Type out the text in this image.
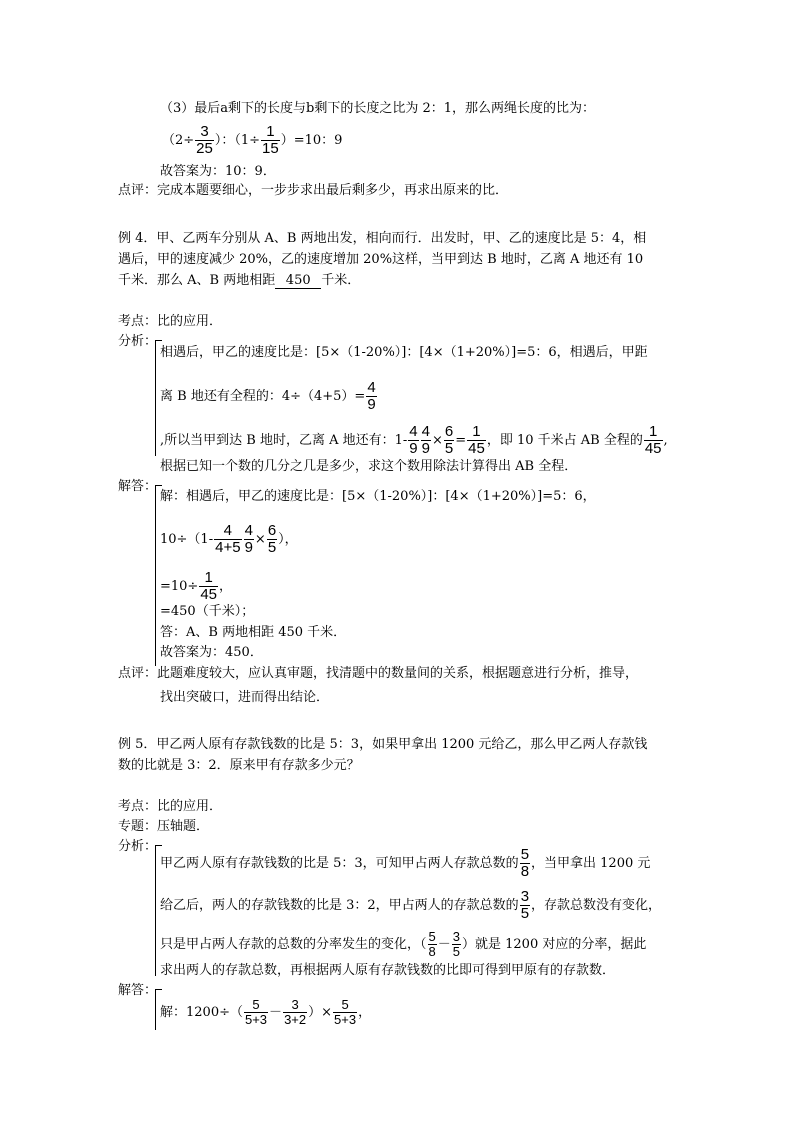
（3）最后a剩下的长度与b剩下的长度之比为 2：1，那么两绳长度的比为：
（$2\div \frac{3}{25}$ ）：$(1\div \frac{1}{15} )=10$：9
故答案为：10：9．
点评：完成本题要细心，一步步求出最后剩多少，再求出原来的比．
例 4．甲、乙两车分别从 A、B 两地出发，相向而行．出发时，甲、乙的速度比是 5：4，相
遇后，甲的速度减少 20%，乙的速度增加 20%这样，当甲到达 B 地时，乙离 A 地还有 10
千米．那么 A、B 两地相距 450 千米．
考点：比的应用．
分析：
相遇后，甲乙的速度比是：[5×（1-20%）]：[4×（1+20%）]=5：6，相遇后，甲距
离 B 地还有全程的：$4\div(4+5)= \frac{4}{9}$
,所以当甲到达 B 地时，乙离 A 地还有：$1- \frac{4}{9} \frac{4}{9} \times \frac{6}{5} = \frac{1}{45}$ ，即 10 千米占 AB 全程的 $\frac{1}{45}$ ,
根据已知一个数的几分之几是多少，求这个数用除法计算得出 AB 全程．
解答：
解：相遇后，甲乙的速度比是：[5×（1-20%）]：[4×（1+20%）]=5：6，
$10\div(1- \frac{4}{4+5} \frac{4}{9} \times \frac{6}{5}$ ），
$=10\div \frac{1}{45}$ ，
=450（千米）；
答：A、B 两地相距 450 千米．
故答案为：450．
点评：此题难度较大，应认真审题，找清题中的数量间的关系，根据题意进行分析，推导，
找出突破口，进而得出结论．
例 5．甲乙两人原有存款钱数的比是 5：3，如果甲拿出 1200 元给乙，那么甲乙两人存款钱
数的比就是 3：2．原来甲有存款多少元？
考点：比的应用．
专题：压轴题．
分析：
甲乙两人原有存款钱数的比是 5：3，可知甲占两人存款总数的 $\frac{5}{8}$ ，当甲拿出 1200 元
给乙后，两人的存款钱数的比是 3：2，甲占两人的存款总数的 $\frac{3}{5}$ ，存款总数没有变化，
只是甲占两人存款的总数的分率发生的变化，（ $\frac{5}{8} - \frac{3}{5}$ ）就是 1200 对应的分率，据此
求出两人的存款总数，再根据两人原有存款钱数的比即可得到甲原有的存款数．
解答：
解：$1200\div( \frac{5}{5+3} - \frac{3}{3+2}$ ）× $\frac{5}{5+3}$ ，
